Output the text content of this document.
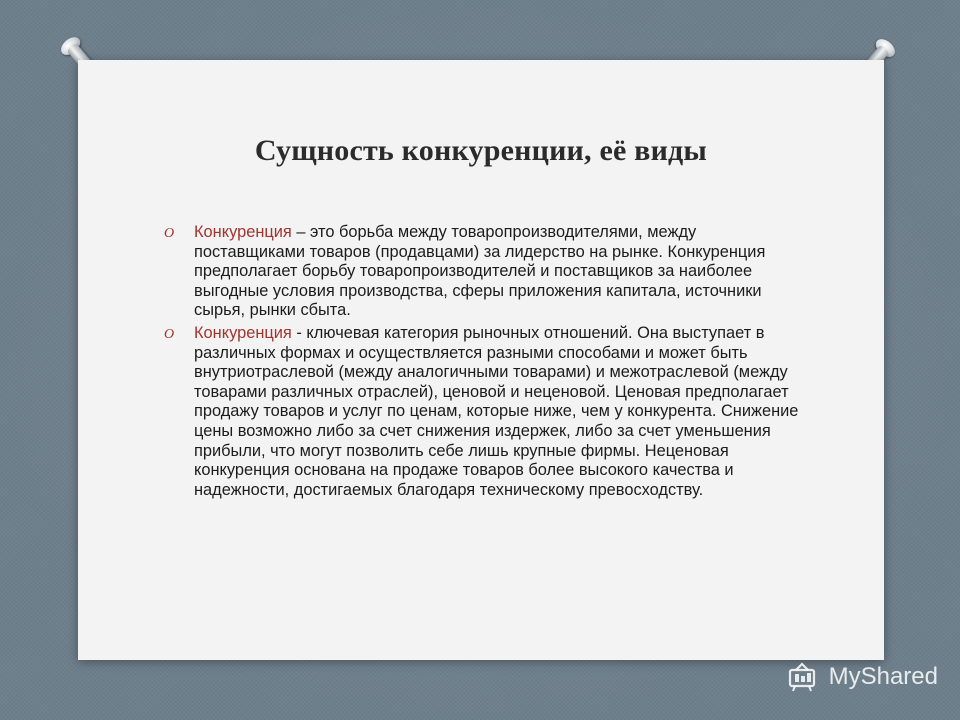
Сущность конкуренции, её виды
O Конкуренция – это борьба между товаропроизводителями, между поставщиками товаров (продавцами) за лидерство на рынке. Конкуренция предполагает борьбу товаропроизводителей и поставщиков за наиболее выгодные условия производства, сферы приложения капитала, источники сырья, рынки сбыта.
O Конкуренция - ключевая категория рыночных отношений. Она выступает в различных формах и осуществляется разными способами и может быть внутриотраслевой (между аналогичными товарами) и межотраслевой (между товарами различных отраслей), ценовой и неценовой. Ценовая предполагает продажу товаров и услуг по ценам, которые ниже, чем у конкурента. Снижение цены возможно либо за счет снижения издержек, либо за счет уменьшения прибыли, что могут позволить себе лишь крупные фирмы. Неценовая конкуренция основана на продаже товаров более высокого качества и надежности, достигаемых благодаря техническому превосходству.
MyShared
